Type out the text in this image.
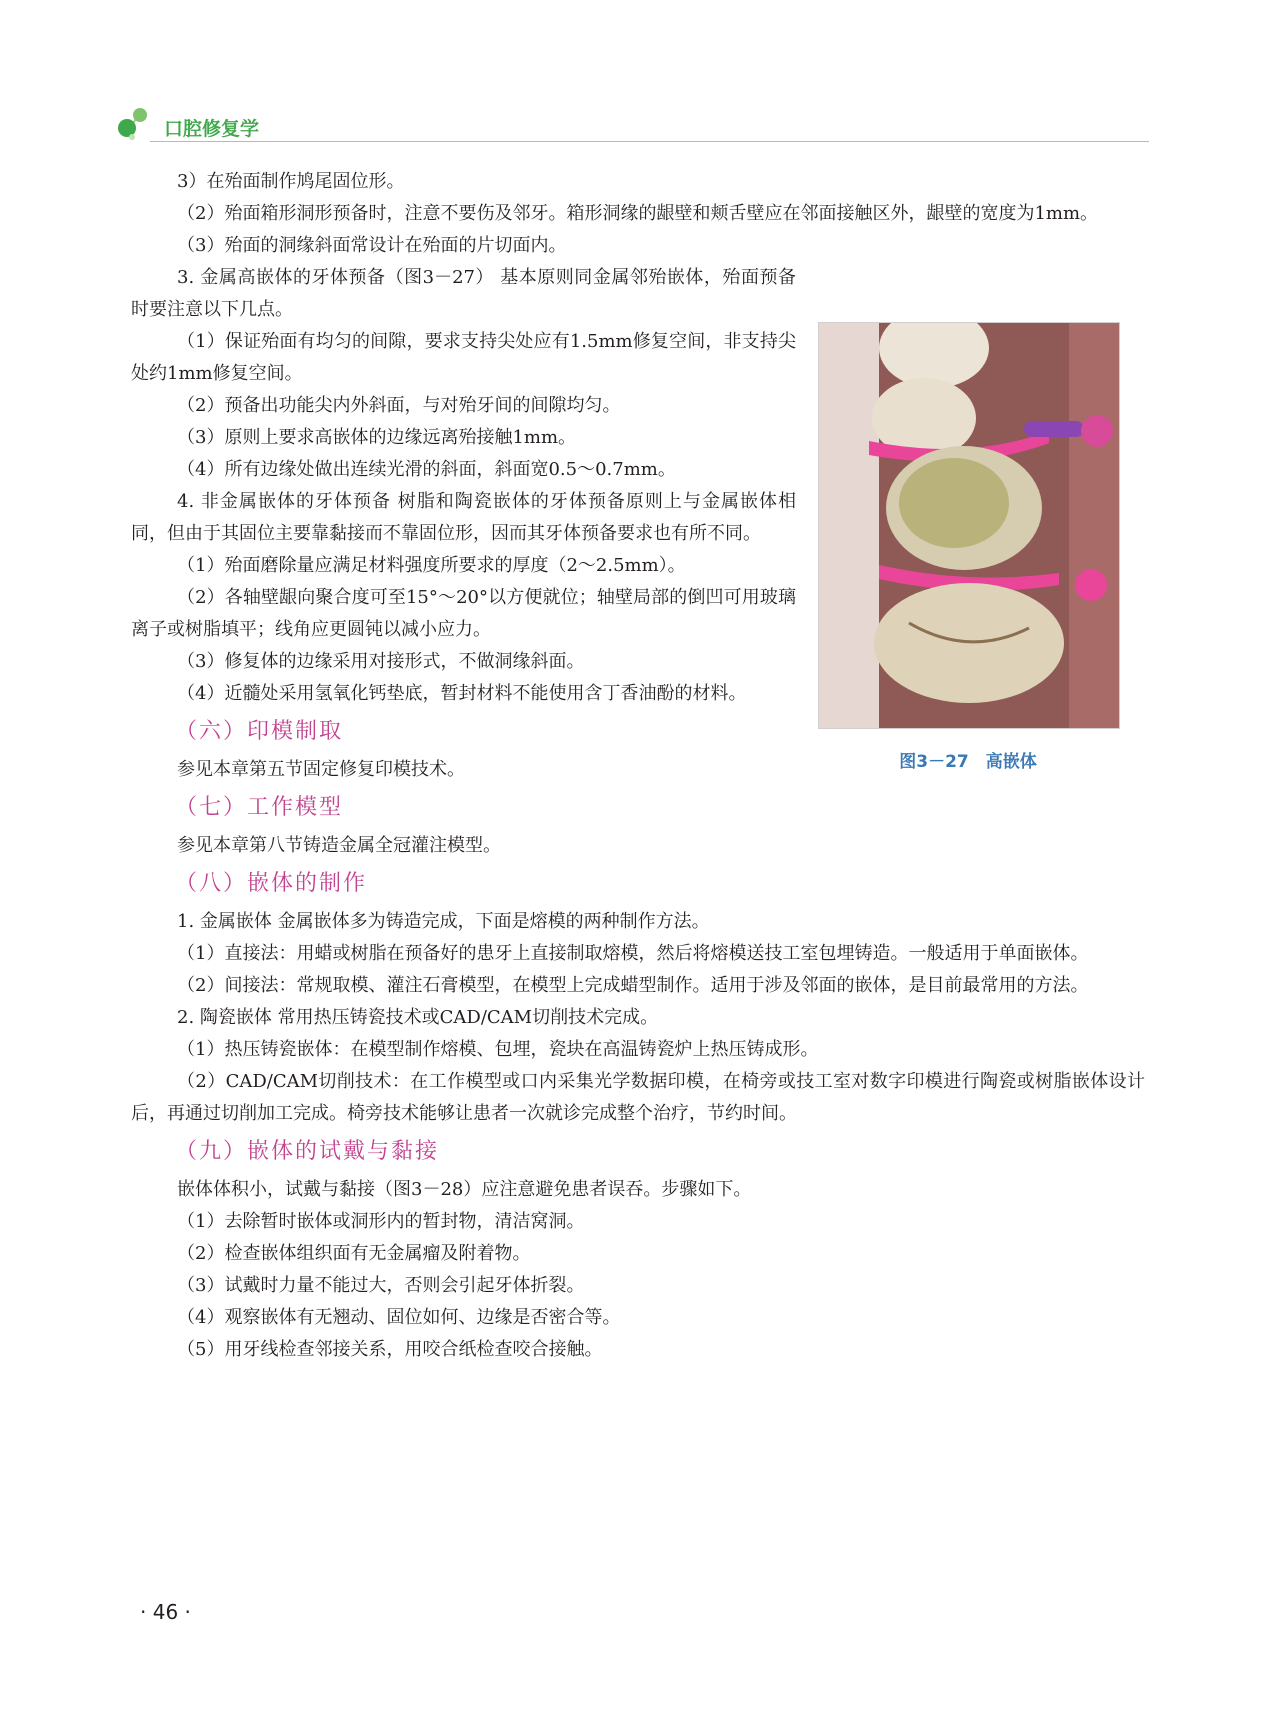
口腔修复学
图3－27　高嵌体

3）在殆面制作鸠尾固位形。

（2）殆面箱形洞形预备时，注意不要伤及邻牙。箱形洞缘的龈壁和颊舌壁应在邻面接触区外，龈壁的宽度为1mm。

（3）殆面的洞缘斜面常设计在殆面的片切面内。

3. 金属高嵌体的牙体预备（图3－27） 基本原则同金属邻殆嵌体，殆面预备时要注意以下几点。

（1）保证殆面有均匀的间隙，要求支持尖处应有1.5mm修复空间，非支持尖处约1mm修复空间。

（2）预备出功能尖内外斜面，与对殆牙间的间隙均匀。

（3）原则上要求高嵌体的边缘远离殆接触1mm。

（4）所有边缘处做出连续光滑的斜面，斜面宽0.5～0.7mm。

4. 非金属嵌体的牙体预备 树脂和陶瓷嵌体的牙体预备原则上与金属嵌体相同，但由于其固位主要靠黏接而不靠固位形，因而其牙体预备要求也有所不同。

（1）殆面磨除量应满足材料强度所要求的厚度（2～2.5mm）。

（2）各轴壁龈向聚合度可至15°～20°以方便就位；轴壁局部的倒凹可用玻璃离子或树脂填平；线角应更圆钝以减小应力。

（3）修复体的边缘采用对接形式，不做洞缘斜面。

（4）近髓处采用氢氧化钙垫底，暂封材料不能使用含丁香油酚的材料。

（六）印模制取

参见本章第五节固定修复印模技术。

（七）工作模型

参见本章第八节铸造金属全冠灌注模型。

（八）嵌体的制作

1. 金属嵌体 金属嵌体多为铸造完成，下面是熔模的两种制作方法。

（1）直接法：用蜡或树脂在预备好的患牙上直接制取熔模，然后将熔模送技工室包埋铸造。一般适用于单面嵌体。

（2）间接法：常规取模、灌注石膏模型，在模型上完成蜡型制作。适用于涉及邻面的嵌体，是目前最常用的方法。

2. 陶瓷嵌体 常用热压铸瓷技术或CAD/CAM切削技术完成。

（1）热压铸瓷嵌体：在模型制作熔模、包埋，瓷块在高温铸瓷炉上热压铸成形。

（2）CAD/CAM切削技术：在工作模型或口内采集光学数据印模，在椅旁或技工室对数字印模进行陶瓷或树脂嵌体设计后，再通过切削加工完成。椅旁技术能够让患者一次就诊完成整个治疗，节约时间。

（九）嵌体的试戴与黏接

嵌体体积小，试戴与黏接（图3－28）应注意避免患者误吞。步骤如下。

（1）去除暂时嵌体或洞形内的暂封物，清洁窝洞。

（2）检查嵌体组织面有无金属瘤及附着物。

（3）试戴时力量不能过大，否则会引起牙体折裂。

（4）观察嵌体有无翘动、固位如何、边缘是否密合等。

（5）用牙线检查邻接关系，用咬合纸检查咬合接触。

· 46 ·
